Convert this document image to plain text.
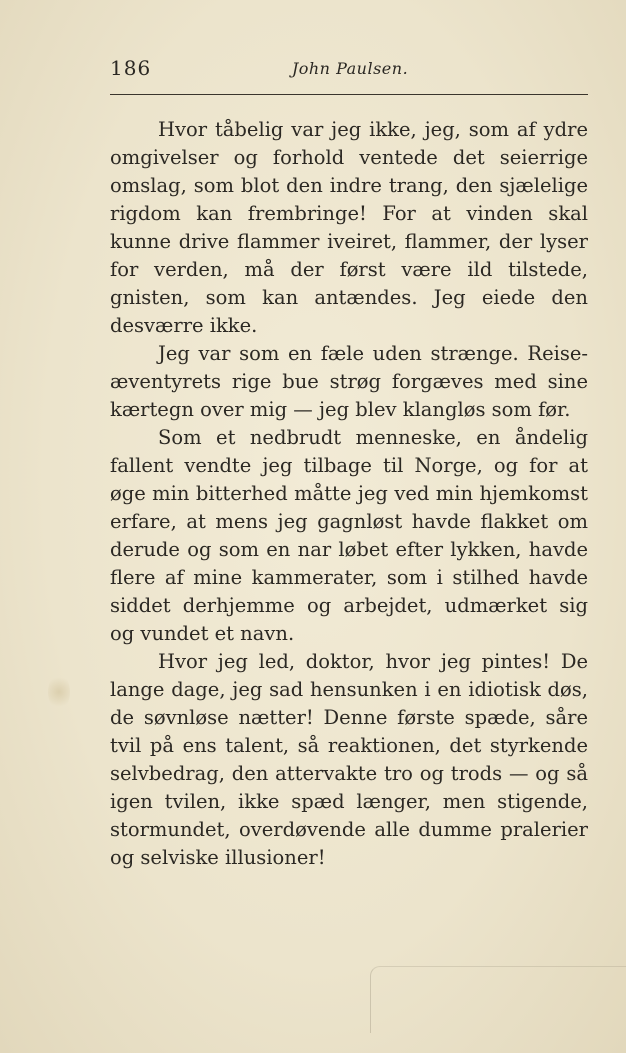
186	John Paulsen.

Hvor tåbelig var jeg ikke, jeg, som af ydre omgivelser og forhold ventede det seierrige omslag, som blot den indre trang, den sjælelige rigdom kan frembringe! For at vinden skal kunne drive flammer iveiret, flammer, der lyser for verden, må der først være ild tilstede, gnisten, som kan antændes. Jeg eiede den desværre ikke.

Jeg var som en fæle uden strænge. Reise-æventyrets rige bue strøg forgæves med sine kærtegn over mig — jeg blev klangløs som før.

Som et nedbrudt menneske, en åndelig fallent vendte jeg tilbage til Norge, og for at øge min bitterhed måtte jeg ved min hjemkomst erfare, at mens jeg gagnløst havde flakket om derude og som en nar løbet efter lykken, havde flere af mine kammerater, som i stilhed havde siddet derhjemme og arbejdet, udmærket sig og vundet et navn.

Hvor jeg led, doktor, hvor jeg pintes! De lange dage, jeg sad hensunken i en idiotisk døs, de søvnløse nætter! Denne første spæde, såre tvil på ens talent, så reaktionen, det styrkende selvbedrag, den attervakte tro og trods — og så igen tvilen, ikke spæd længer, men stigende, stormundet, overdøvende alle dumme pralerier og selviske illusioner!
